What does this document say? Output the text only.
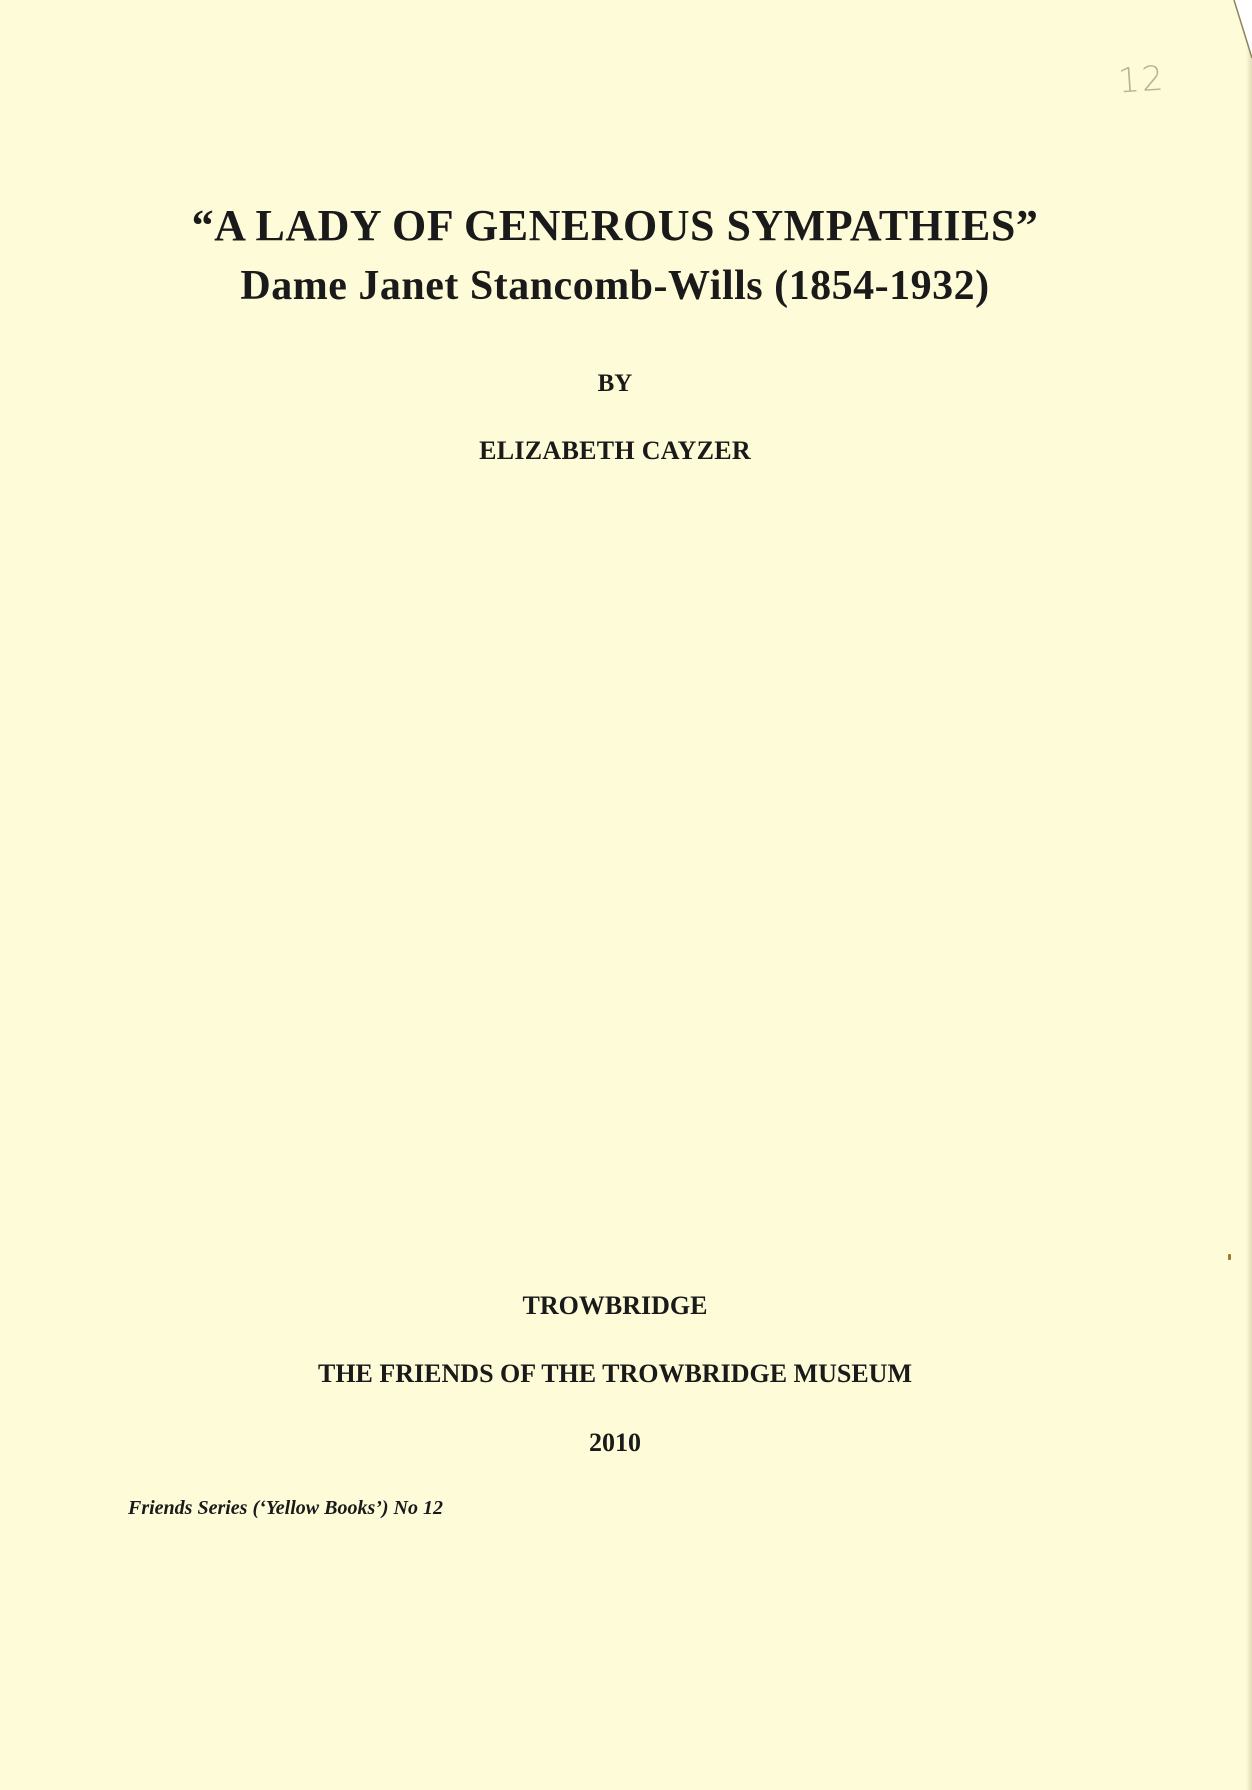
12
“A LADY OF GENEROUS SYMPATHIES”
Dame Janet Stancomb-Wills (1854-1932)
BY
ELIZABETH CAYZER
TROWBRIDGE
THE FRIENDS OF THE TROWBRIDGE MUSEUM
2010
Friends Series (‘Yellow Books’) No 12
